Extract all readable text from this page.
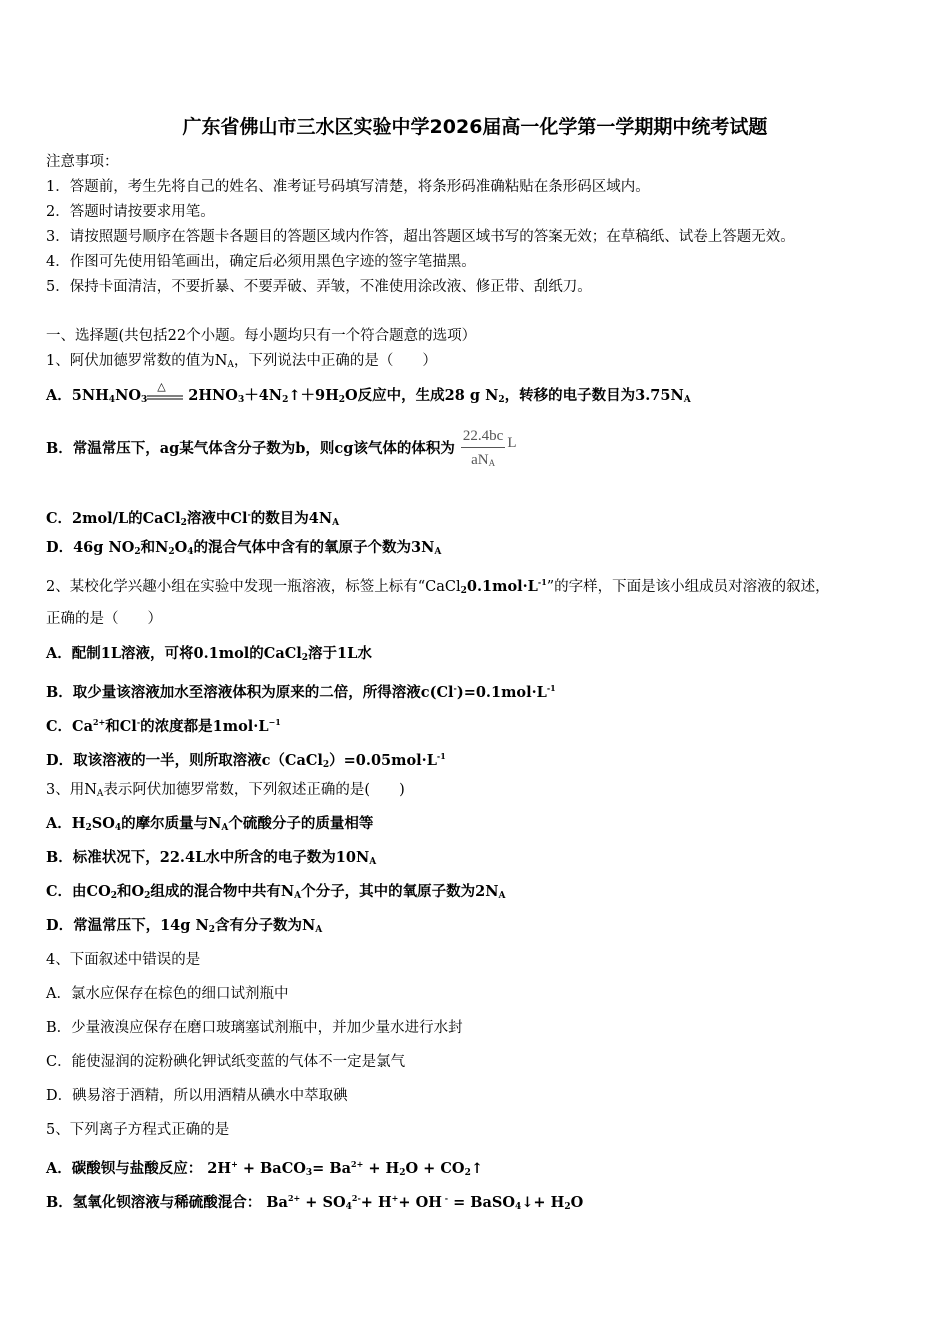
广东省佛山市三水区实验中学2026届高一化学第一学期期中统考试题
注意事项：
1．答题前，考生先将自己的姓名、准考证号码填写清楚，将条形码准确粘贴在条形码区域内。
2．答题时请按要求用笔。
3．请按照题号顺序在答题卡各题目的答题区域内作答，超出答题区域书写的答案无效；在草稿纸、试卷上答题无效。
4．作图可先使用铅笔画出，确定后必须用黑色字迹的签字笔描黑。
5．保持卡面清洁，不要折暴、不要弄破、弄皱，不准使用涂改液、修正带、刮纸刀。
一、选择题(共包括22个小题。每小题均只有一个符合题意的选项）
1、阿伏加德罗常数的值为$N_A$，下列说法中正确的是（　　）
A．$5NH_4NO_3$
△
$2HNO_3+4N_2↑+9H_2O$反应中，生成28 g $N_2$，转移的电子数目为$3.75N_A$
B．常温常压下，ag某气体含分子数为b，则cg该气体的体积为 $\frac{22.4bc}{aN_A}$ L
C．2mol/L的CaCl$_2$溶液中Cl-的数目为$4N_A$
D．46g $NO_2$和$N_2O_4$的混合气体中含有的氧原子个数为$3N_A$
2、某校化学兴趣小组在实验中发现一瓶溶液，标签上标有“$CaCl_20.1mol\cdot L^{-1}$”的字样，下面是该小组成员对溶液的叙述，
正确的是（　　）
A．配制1L溶液，可将0.1mol的CaCl$_2$溶于1L水
B．取少量该溶液加水至溶液体积为原来的二倍，所得溶液$c(Cl^-)=0.1mol\cdot L^{-1}$
C．$Ca^{2+}$和Cl-的浓度都是$1mol\cdot L^{-1}$
D．取该溶液的一半，则所取溶液$c(CaCl_2)=0.05mol\cdot L^{-1}$
3、用$N_A$表示阿伏加德罗常数，下列叙述正确的是(　　)
A．$H_2SO_4$的摩尔质量与$N_A$个硫酸分子的质量相等
B．标准状况下，22.4L水中所含的电子数为$10N_A$
C．由$CO_2$和$O_2$组成的混合物中共有$N_A$个分子，其中的氧原子数为$2N_A$
D．常温常压下，14g $N_2$含有分子数为$N_A$
4、下面叙述中错误的是
A．氯水应保存在棕色的细口试剂瓶中
B．少量液溴应保存在磨口玻璃塞试剂瓶中，并加少量水进行水封
C．能使湿润的淀粉碘化钾试纸变蓝的气体不一定是氯气
D．碘易溶于酒精，所以用酒精从碘水中萃取碘
5、下列离子方程式正确的是
A．碳酸钡与盐酸反应： 2H+ + BaCO$_3$= $Ba^{2+} + H_2O$ + $CO_2↑$
B．氢氧化钡溶液与稀硫酸混合： $Ba^{2+} + SO_4^{2-}+ H^++$ OH - = BaSO$_4$↓+ $H_2O$
